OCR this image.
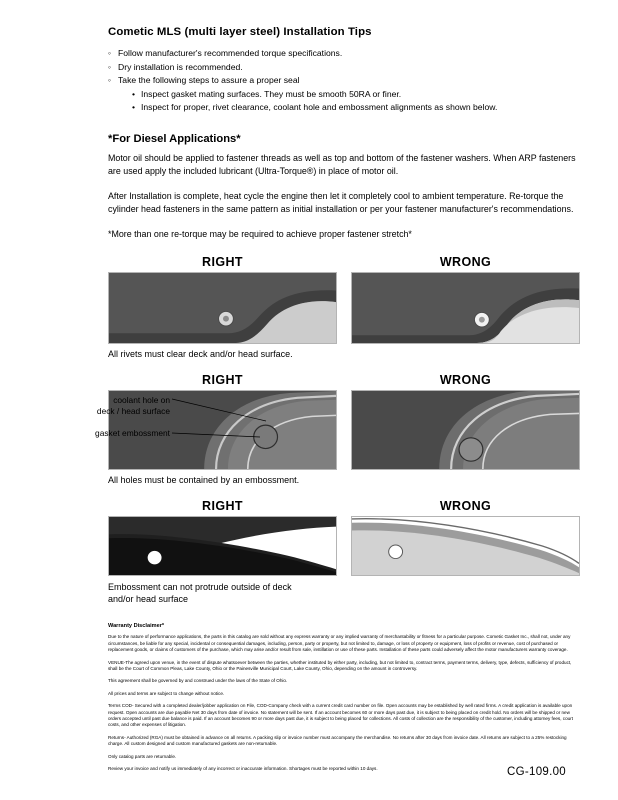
Cometic MLS (multi layer steel) Installation Tips
◦ Follow manufacturer's recommended torque specifications.
◦ Dry installation is recommended.
◦ Take the following steps to assure a proper seal
• Inspect gasket mating surfaces. They must be smooth 50RA or finer.
• Inspect for proper, rivet clearance, coolant hole and embossment alignments as shown below.
*For Diesel Applications*

Motor oil should be applied to fastener threads as well as top and bottom of the fastener washers. When ARP fasteners are used apply the included lubricant (Ultra-Torque®) in place of motor oil.

After Installation is complete, heat cycle the engine then let it completely cool to ambient temperature. Re-torque the cylinder head fasteners in the same pattern as initial installation or per your fastener manufacturer's recommendations.

*More than one re-torque may be required to achieve proper fastener stretch*

RIGHT	WRONG
All rivets must clear deck and/or head surface.
RIGHT	WRONG
coolant hole on
deck / head surface
gasket embossment
All holes must be contained by an embossment.
RIGHT	WRONG
Embossment can not protrude outside of deck
and/or head surface
Warranty Disclaimer*

Due to the nature of performance applications, the parts in this catalog are sold without any express warranty or any implied warranty of merchantability or fitness for a particular purpose. Cometic Gasket Inc., shall not, under any circumstances, be liable for any special, incidental or consequential damages, including, person, party or property, but not limited to, damage, or loss of property or equipment, loss of profits or revenue, cost of purchased or replacement goods, or claims of customers of the purchase, which may arise and/or result from sale, instillation or use of these parts. Installation of these parts could adversely affect the motor manufacturers warranty coverage.

VENUE-The agreed upon venue, in the event of dispute whatsoever between the parties, whether instituted by either party, including, but not limited to, contract terms, payment terms, delivery, type, defects, sufficiency of product, shall be the Court of Common Pleas, Lake County, Ohio or the Painesville Municipal Court, Lake County, Ohio, depending on the amount in controversy.

This agreement shall be governed by and construed under the laws of the State of Ohio.

All prices and terms are subject to change without notice.

Terms COD- Secured with a completed dealer/jobber application on File, COD-Company check with a current credit card number on file. Open accounts may be established by well rated firms. A credit application is available upon request. Open accounts are due payable Net 30 days from date of invoice. No statement will be sent. If an account becomes 60 or more days past due, it is subject to being placed on credit hold. No orders will be shipped or new orders accepted until past due balance is paid. If an account becomes 90 or more days past due, it is subject to being placed for collections. All costs of collection are the responsibility of the customer, including attorney fees, court costs, and other expenses of litigation.

Returns- Authorized (RGA) must be obtained in advance on all returns. A packing slip or invoice number must accompany the merchandise. No returns after 30 days from invoice date. All returns are subject to a 25% restocking charge. All custom designed and custom manufactured gaskets are non-returnable.

Only catalog parts are returnable.

Review your invoice and notify us immediately of any incorrect or inaccurate information. Shortages must be reported within 10 days.	CG-109.00
